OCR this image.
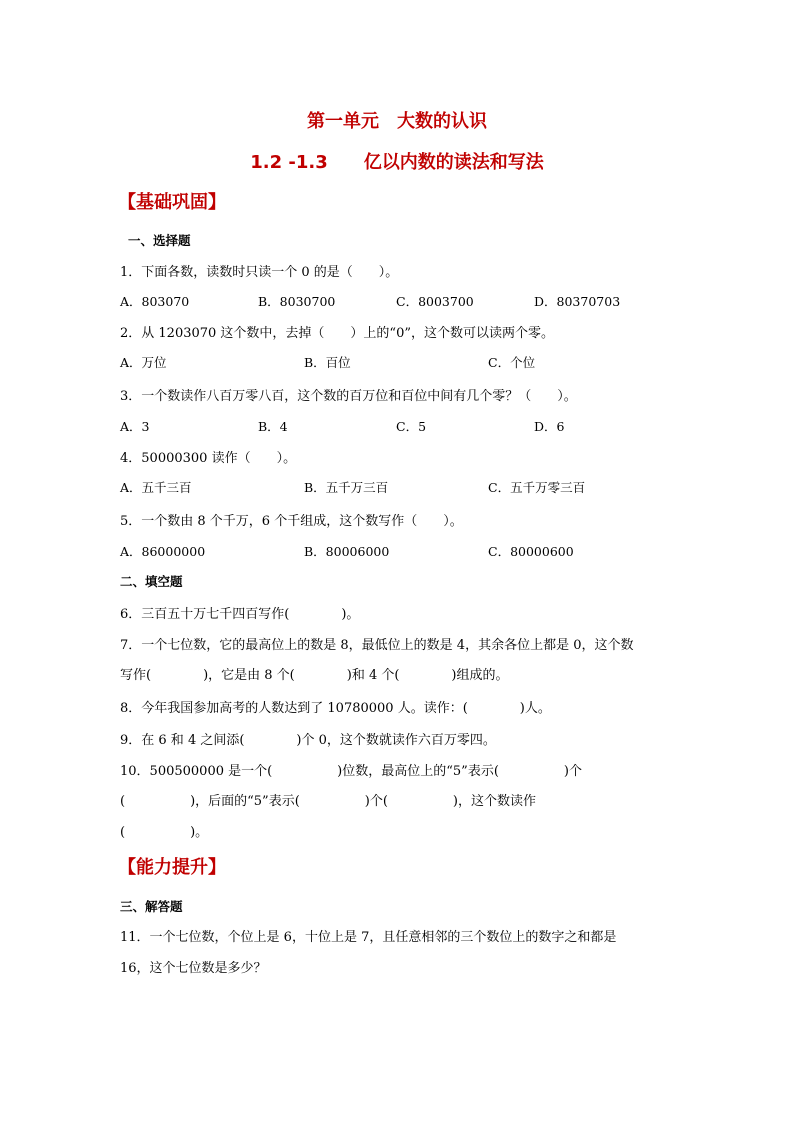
第一单元　大数的认识
1.2 -1.3　　亿以内数的读法和写法
【基础巩固】
一、选择题
1．下面各数，读数时只读一个 0 的是（　　）。
A．803070	B．8030700	C．8003700	D．80370703
2．从 1203070 这个数中，去掉（　　）上的“0”，这个数可以读两个零。
A．万位	B．百位	C．个位
3．一个数读作八百万零八百，这个数的百万位和百位中间有几个零？（　　）。
A．3	B．4	C．5	D．6
4．50000300 读作（　　）。
A．五千三百	B．五千万三百	C．五千万零三百
5．一个数由 8 个千万，6 个千组成，这个数写作（　　）。
A．86000000	B．80006000	C．80000600
二、填空题
6．三百五十万七千四百写作(　　　　)。
7．一个七位数，它的最高位上的数是 8，最低位上的数是 4，其余各位上都是 0，这个数
写作(　　　　)，它是由 8 个(　　　　)和 4 个(　　　　)组成的。
8．今年我国参加高考的人数达到了 10780000 人。读作：(　　　　)人。
9．在 6 和 4 之间添(　　　　)个 0，这个数就读作六百万零四。
10．500500000 是一个(　　　　　)位数，最高位上的“5”表示(　　　　　)个
(　　　　　)，后面的“5”表示(　　　　　)个(　　　　　)，这个数读作
(　　　　　)。
【能力提升】
三、解答题
11．一个七位数，个位上是 6，十位上是 7，且任意相邻的三个数位上的数字之和都是
16，这个七位数是多少？
